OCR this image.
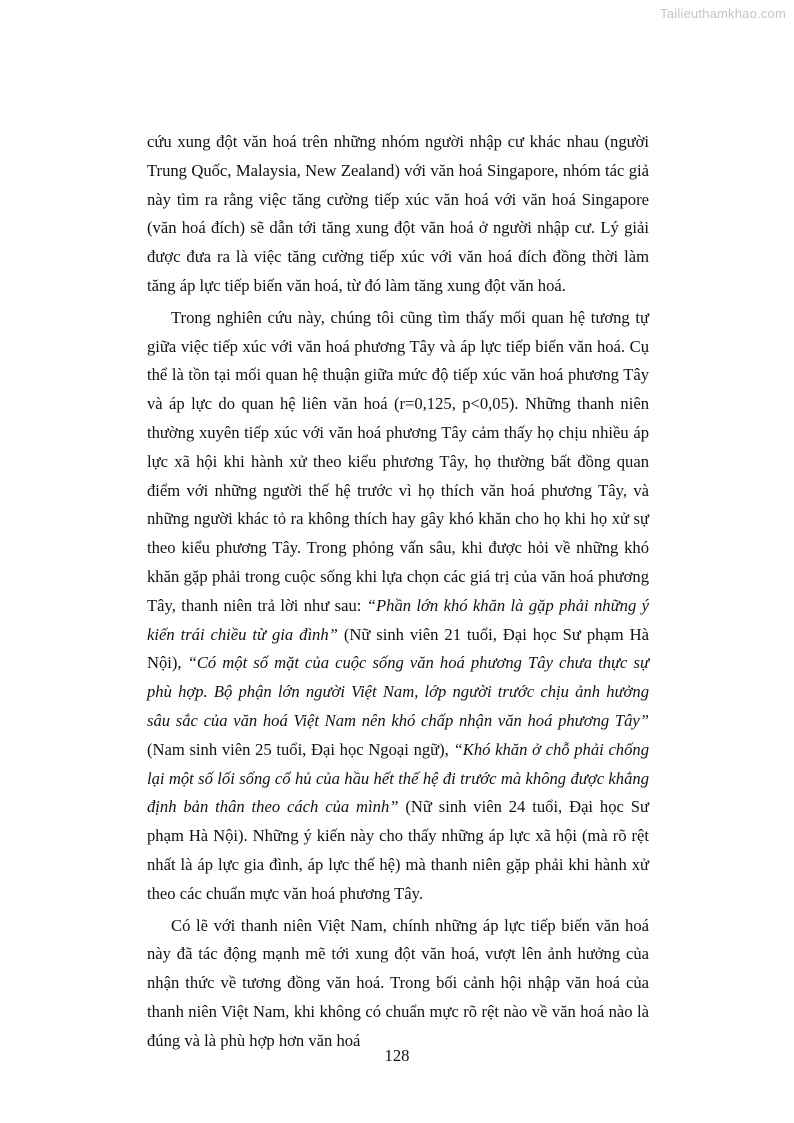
Tailieuthamkhao.com

cứu xung đột văn hoá trên những nhóm người nhập cư khác nhau (người Trung Quốc, Malaysia, New Zealand) với văn hoá Singapore, nhóm tác giả này tìm ra rằng việc tăng cường tiếp xúc văn hoá với văn hoá Singapore (văn hoá đích) sẽ dẫn tới tăng xung đột văn hoá ở người nhập cư. Lý giải được đưa ra là việc tăng cường tiếp xúc với văn hoá đích đồng thời làm tăng áp lực tiếp biến văn hoá, từ đó làm tăng xung đột văn hoá.

Trong nghiên cứu này, chúng tôi cũng tìm thấy mối quan hệ tương tự giữa việc tiếp xúc với văn hoá phương Tây và áp lực tiếp biến văn hoá. Cụ thể là tồn tại mối quan hệ thuận giữa mức độ tiếp xúc văn hoá phương Tây và áp lực do quan hệ liên văn hoá (r=0,125, p<0,05). Những thanh niên thường xuyên tiếp xúc với văn hoá phương Tây cảm thấy họ chịu nhiều áp lực xã hội khi hành xử theo kiểu phương Tây, họ thường bất đồng quan điểm với những người thế hệ trước vì họ thích văn hoá phương Tây, và những người khác tỏ ra không thích hay gây khó khăn cho họ khi họ xử sự theo kiểu phương Tây. Trong phỏng vấn sâu, khi được hỏi về những khó khăn gặp phải trong cuộc sống khi lựa chọn các giá trị của văn hoá phương Tây, thanh niên trả lời như sau: “Phần lớn khó khăn là gặp phải những ý kiến trái chiều từ gia đình” (Nữ sinh viên 21 tuổi, Đại học Sư phạm Hà Nội), “Có một số mặt của cuộc sống văn hoá phương Tây chưa thực sự phù hợp. Bộ phận lớn người Việt Nam, lớp người trước chịu ảnh hưởng sâu sắc của văn hoá Việt Nam nên khó chấp nhận văn hoá phương Tây” (Nam sinh viên 25 tuổi, Đại học Ngoại ngữ), “Khó khăn ở chỗ phải chống lại một số lối sống cổ hủ của hầu hết thế hệ đi trước mà không được khẳng định bản thân theo cách của mình” (Nữ sinh viên 24 tuổi, Đại học Sư phạm Hà Nội). Những ý kiến này cho thấy những áp lực xã hội (mà rõ rệt nhất là áp lực gia đình, áp lực thế hệ) mà thanh niên gặp phải khi hành xử theo các chuẩn mực văn hoá phương Tây.

Có lẽ với thanh niên Việt Nam, chính những áp lực tiếp biến văn hoá này đã tác động mạnh mẽ tới xung đột văn hoá, vượt lên ảnh hưởng của nhận thức về tương đồng văn hoá. Trong bối cảnh hội nhập văn hoá của thanh niên Việt Nam, khi không có chuẩn mực rõ rệt nào về văn hoá nào là đúng và là phù hợp hơn văn hoá

128
